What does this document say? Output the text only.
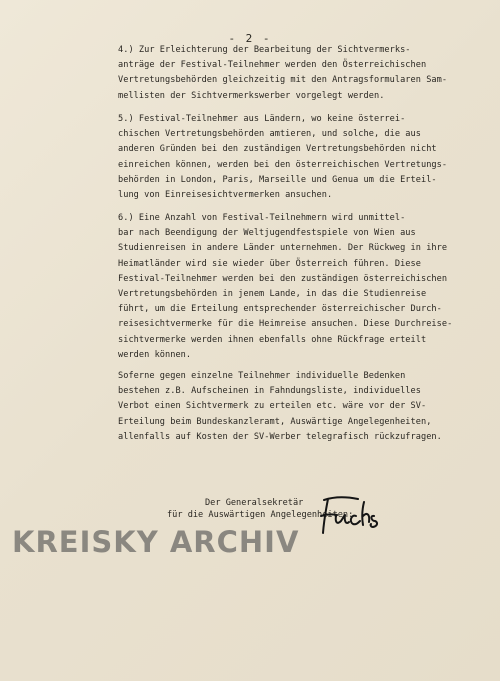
- 2 -

4.) Zur Erleichterung der Bearbeitung der Sichtvermerks-
anträge der Festival-Teilnehmer werden den Österreichischen
Vertretungsbehörden gleichzeitig mit den Antragsformularen Sam-
mellisten der Sichtvermerkswerber vorgelegt werden.

5.) Festival-Teilnehmer aus Ländern, wo keine österrei-
chischen Vertretungsbehörden amtieren, und solche, die aus
anderen Gründen bei den zuständigen Vertretungsbehörden nicht
einreichen können, werden bei den österreichischen Vertretungs-
behörden in London, Paris, Marseille und Genua um die Erteil-
lung von Einreisesichtvermerken ansuchen.

6.) Eine Anzahl von Festival-Teilnehmern wird unmittel-
bar nach Beendigung der Weltjugendfestspiele von Wien aus
Studienreisen in andere Länder unternehmen. Der Rückweg in ihre
Heimatländer wird sie wieder über Österreich führen. Diese
Festival-Teilnehmer werden bei den zuständigen österreichischen
Vertretungsbehörden in jenem Lande, in das die Studienreise
führt, um die Erteilung entsprechender österreichischer Durch-
reisesichtvermerke für die Heimreise ansuchen. Diese Durchreise-
sichtvermerke werden ihnen ebenfalls ohne Rückfrage erteilt
werden können.

Soferne gegen einzelne Teilnehmer individuelle Bedenken
bestehen z.B. Aufscheinen in Fahndungsliste, individuelles
Verbot einen Sichtvermerk zu erteilen etc. wäre vor der SV-
Erteilung beim Bundeskanzleramt, Auswärtige Angelegenheiten,
allenfalls auf Kosten der SV-Werber telegrafisch rückzufragen.

Der Generalsekretär
für die Auswärtigen Angelegenheiten:
KREISKY ARCHIV
